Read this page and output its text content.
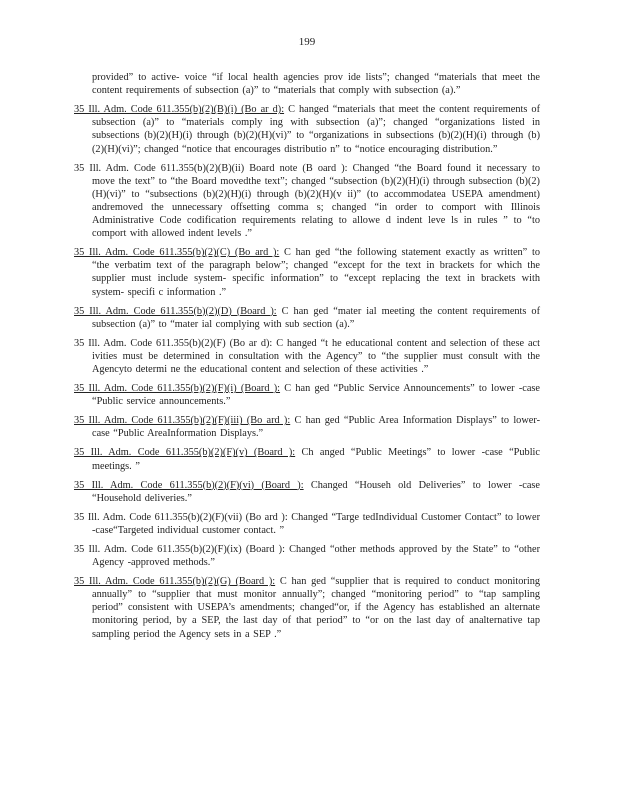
199

provided” to active- voice “if local health agencies prov ide lists”; changed “materials that meet the content requirements of subsection (a)” to “materials that comply with subsection (a).”

35 Ill. Adm. Code 611.355(b)(2)(B)(i) (Bo ar d): C hanged “materials that meet the content requirements of subsection (a)” to “materials comply ing with subsection (a)”; changed “organizations listed in subsections (b)(2)(H)(i) through (b)(2)(H)(vi)” to “organizations in subsections (b)(2)(H)(i) through (b)(2)(H)(vi)”; changed “notice that encourages distributio n” to “notice encouraging distribution.”

35 Ill. Adm. Code 611.355(b)(2)(B)(ii) Board note (B oard ): Changed “the Board found it necessary to move the text” to “the Board movedthe text”; changed “subsection (b)(2)(H)(i) through subsection (b)(2)(H)(vi)” to “subsections (b)(2)(H)(i) through (b)(2)(H)(v ii)” (to accommodatea USEPA amendment) andremoved the unnecessary offsetting comma s; changed “in order to comport with Illinois Administrative Code codification requirements relating to allowe d indent leve ls in rules ” to “to comport with allowed indent levels .”

35 Ill. Adm. Code 611.355(b)(2)(C) (Bo ard ): C han ged “the following statement exactly as written” to “the verbatim text of the paragraph below”; changed “except for the text in brackets for which the supplier must include system- specific information” to “except replacing the text in brackets with system- specifi c information .”

35 Ill. Adm. Code 611.355(b)(2)(D) (Board ): C han ged “mater ial meeting the content requirements of subsection (a)” to “mater ial complying with sub section (a).”

35 Ill. Adm. Code 611.355(b)(2)(F) (Bo ar d): C hanged “t he educational content and selection of these act ivities must be determined in consultation with the Agency” to “the supplier must consult with the Agencyto determi ne the educational content and selection of these activities .”

35 Ill. Adm. Code 611.355(b)(2)(F)(i) (Board ): C han ged “Public Service Announcements” to lower -case “Public service announcements.”

35 Ill. Adm. Code 611.355(b)(2)(F)(iii) (Bo ard ): C han ged “Public Area Information Displays” to lower- case “Public AreaInformation Displays.”

35 Ill. Adm. Code 611.355(b)(2)(F)(v) (Board ): Ch anged “Public Meetings” to lower -case “Public meetings. ”

35 Ill. Adm. Code 611.355(b)(2)(F)(vi) (Board ): Changed “Househ old Deliveries” to lower -case “Household deliveries.”

35 Ill. Adm. Code 611.355(b)(2)(F)(vii) (Bo ard ): Changed “Targe tedIndividual Customer Contact” to lower -case“Targeted individual customer contact. ”

35 Ill. Adm. Code 611.355(b)(2)(F)(ix) (Board ): Changed “other methods approved by the State” to “other Agency -approved methods.”

35 Ill. Adm. Code 611.355(b)(2)(G) (Board ): C han ged “supplier that is required to conduct monitoring annually” to “supplier that must monitor annually”; changed “monitoring period” to “tap sampling period” consistent with USEPA’s amendments; changed“or, if the Agency has established an alternate monitoring period, by a SEP, the last day of that period” to “or on the last day of analternative tap sampling period the Agency sets in a SEP .”
